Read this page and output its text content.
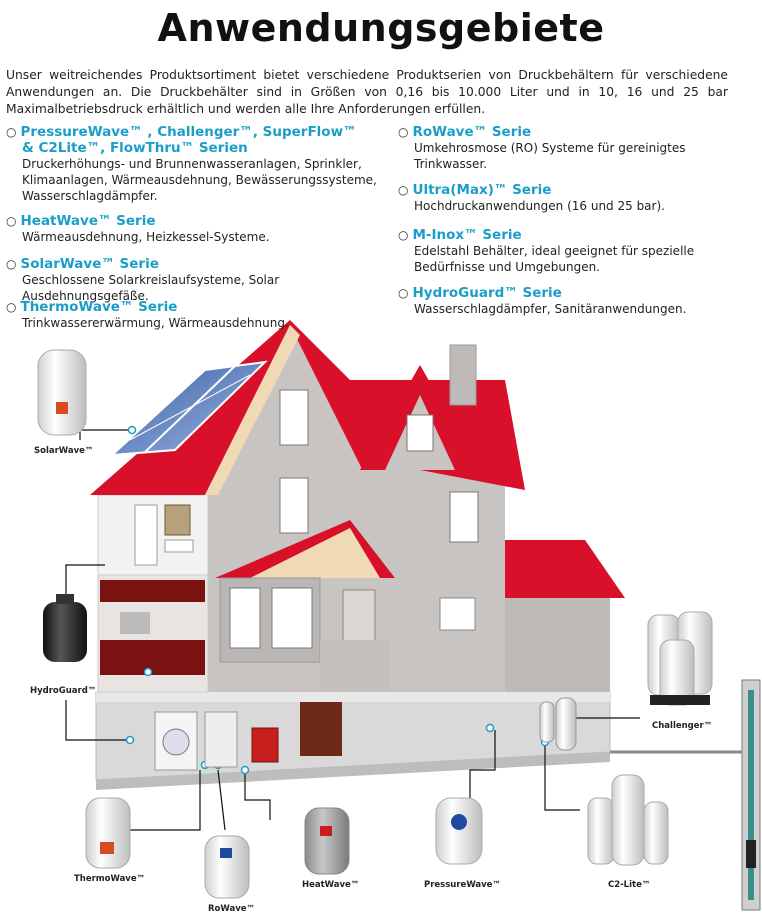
Anwendungsgebiete
Unser weitreichendes Produktsortiment bietet verschiedene Produktserien von Druckbehältern für verschiedene Anwendungen an. Die Druckbehälter sind in Größen von 0,16 bis 10.000 Liter und in 10, 16 und 25 bar Maximalbetriebsdruck erhältlich und werden alle Ihre Anforderungen erfüllen.
○ PressureWave™ , Challenger™, SuperFlow™
& C2Lite™, FlowThru™ Serien
Druckerhöhungs- und Brunnenwasseranlagen, Sprinkler, Klimaanlagen, Wärmeausdehnung, Bewässerungssysteme, Wasserschlagdämpfer.
○ HeatWave™ Serie
Wärmeausdehnung, Heizkessel-Systeme.
○ SolarWave™ Serie
Geschlossene Solarkreislaufsysteme, Solar Ausdehnungsgefäße.
○ ThermoWave™ Serie
Trinkwassererwärmung, Wärmeausdehnung.
○ RoWave™ Serie
Umkehrosmose (RO) Systeme für gereinigtes Trinkwasser.
○ Ultra(Max)™ Serie
Hochdruckanwendungen (16 und 25 bar).
○ M-Inox™ Serie
Edelstahl Behälter, ideal geeignet für spezielle Bedürfnisse und Umgebungen.
○ HydroGuard™ Serie
Wasserschlagdämpfer, Sanitäranwendungen.
SolarWave™
HydroGuard™
Challenger™
ThermoWave™
RoWave™
HeatWave™	PressureWave™	C2-Lite™
